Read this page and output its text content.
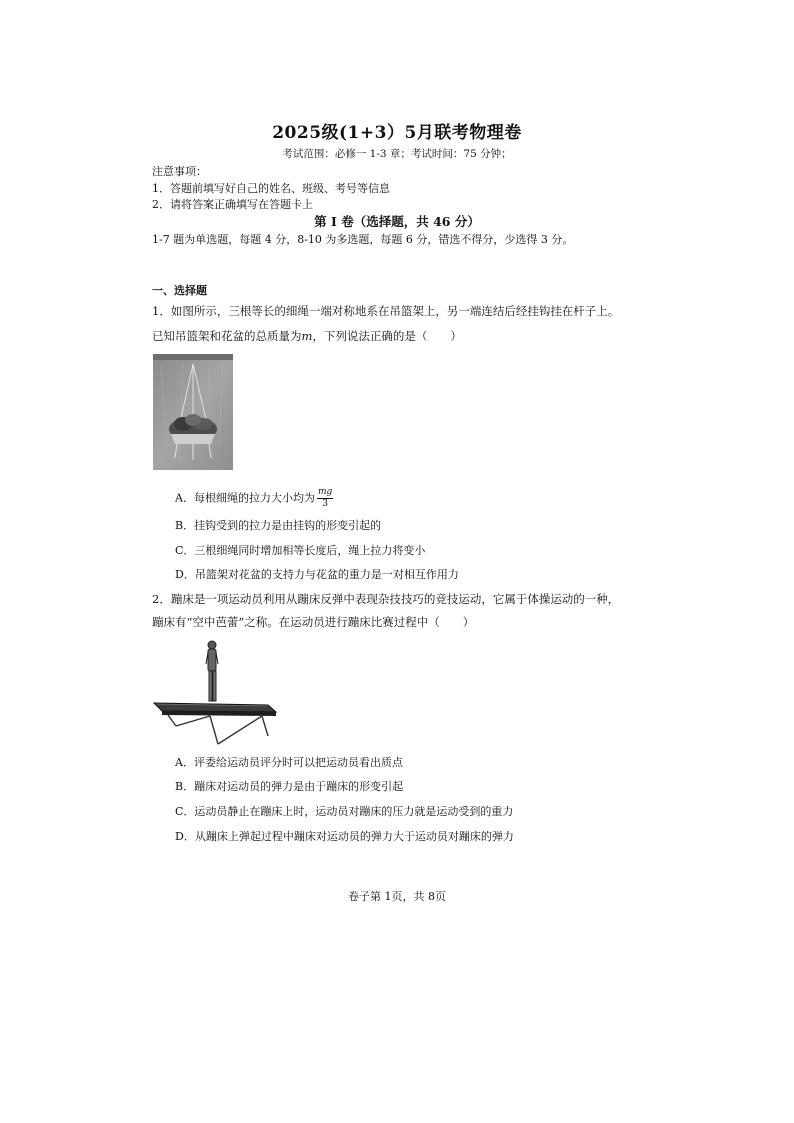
2025级(1+3）5月联考物理卷
考试范围：必修一 1-3 章；考试时间：75 分钟；
注意事项：
1．答题前填写好自己的姓名、班级、考号等信息
2．请将答案正确填写在答题卡上
第 I 卷（选择题，共 46 分）
1-7 题为单选题，每题 4 分，8-10 为多选题，每题 6 分，错选不得分，少选得 3 分。
一、选择题
1．如图所示，三根等长的细绳一端对称地系在吊篮架上，另一端连结后经挂钩挂在杆子上。
已知吊篮架和花盆的总质量为m，下列说法正确的是（　　）
A．每根细绳的拉力大小均为 $\frac{mg}{3}$
B．挂钩受到的拉力是由挂钩的形变引起的
C．三根细绳同时增加相等长度后，绳上拉力将变小
D．吊篮架对花盆的支持力与花盆的重力是一对相互作用力
2．蹦床是一项运动员利用从蹦床反弹中表现杂技技巧的竞技运动，它属于体操运动的一种，
蹦床有“空中芭蕾”之称。在运动员进行蹦床比赛过程中（　　）
A．评委给运动员评分时可以把运动员看出质点
B．蹦床对运动员的弹力是由于蹦床的形变引起
C．运动员静止在蹦床上时，运动员对蹦床的压力就是运动受到的重力
D．从蹦床上弹起过程中蹦床对运动员的弹力大于运动员对蹦床的弹力
卷子第 1页，共 8页
